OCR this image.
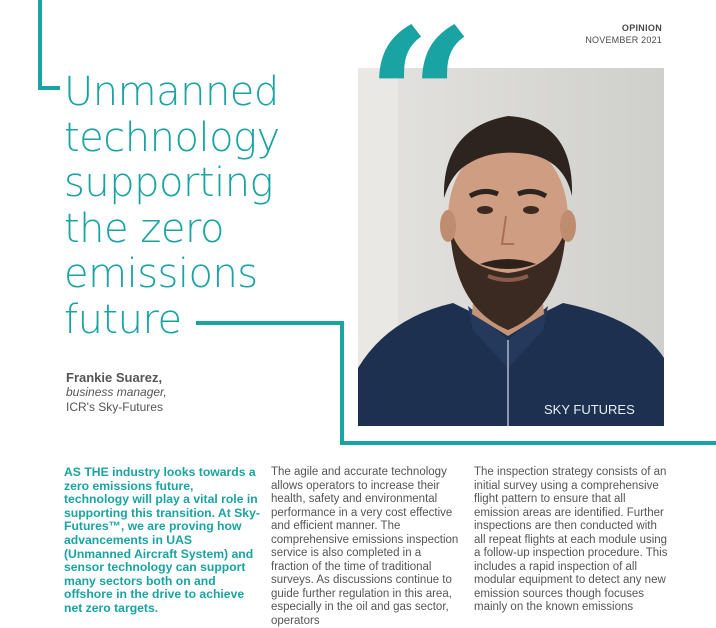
OPINION
NOVEMBER 2021
SKY FUTURES
“
Unmanned
technology
supporting
the zero
emissions
future
Frankie Suarez,
business manager,
ICR's Sky-Futures
AS THE industry looks towards a zero emissions future, technology will play a vital role in supporting this transition. At Sky-Futures™, we are proving how advancements in UAS (Unmanned Aircraft System) and sensor technology can support many sectors both on and offshore in the drive to achieve net zero targets.
The agile and accurate technology allows operators to increase their health, safety and environmental performance in a very cost effective and efficient manner. The comprehensive emissions inspection service is also completed in a fraction of the time of traditional surveys. As discussions continue to guide further regulation in this area, especially in the oil and gas sector, operators
The inspection strategy consists of an initial survey using a comprehensive flight pattern to ensure that all emission areas are identified. Further inspections are then conducted with all repeat flights at each module using a follow-up inspection procedure. This includes a rapid inspection of all modular equipment to detect any new emission sources though focuses mainly on the known emissions
